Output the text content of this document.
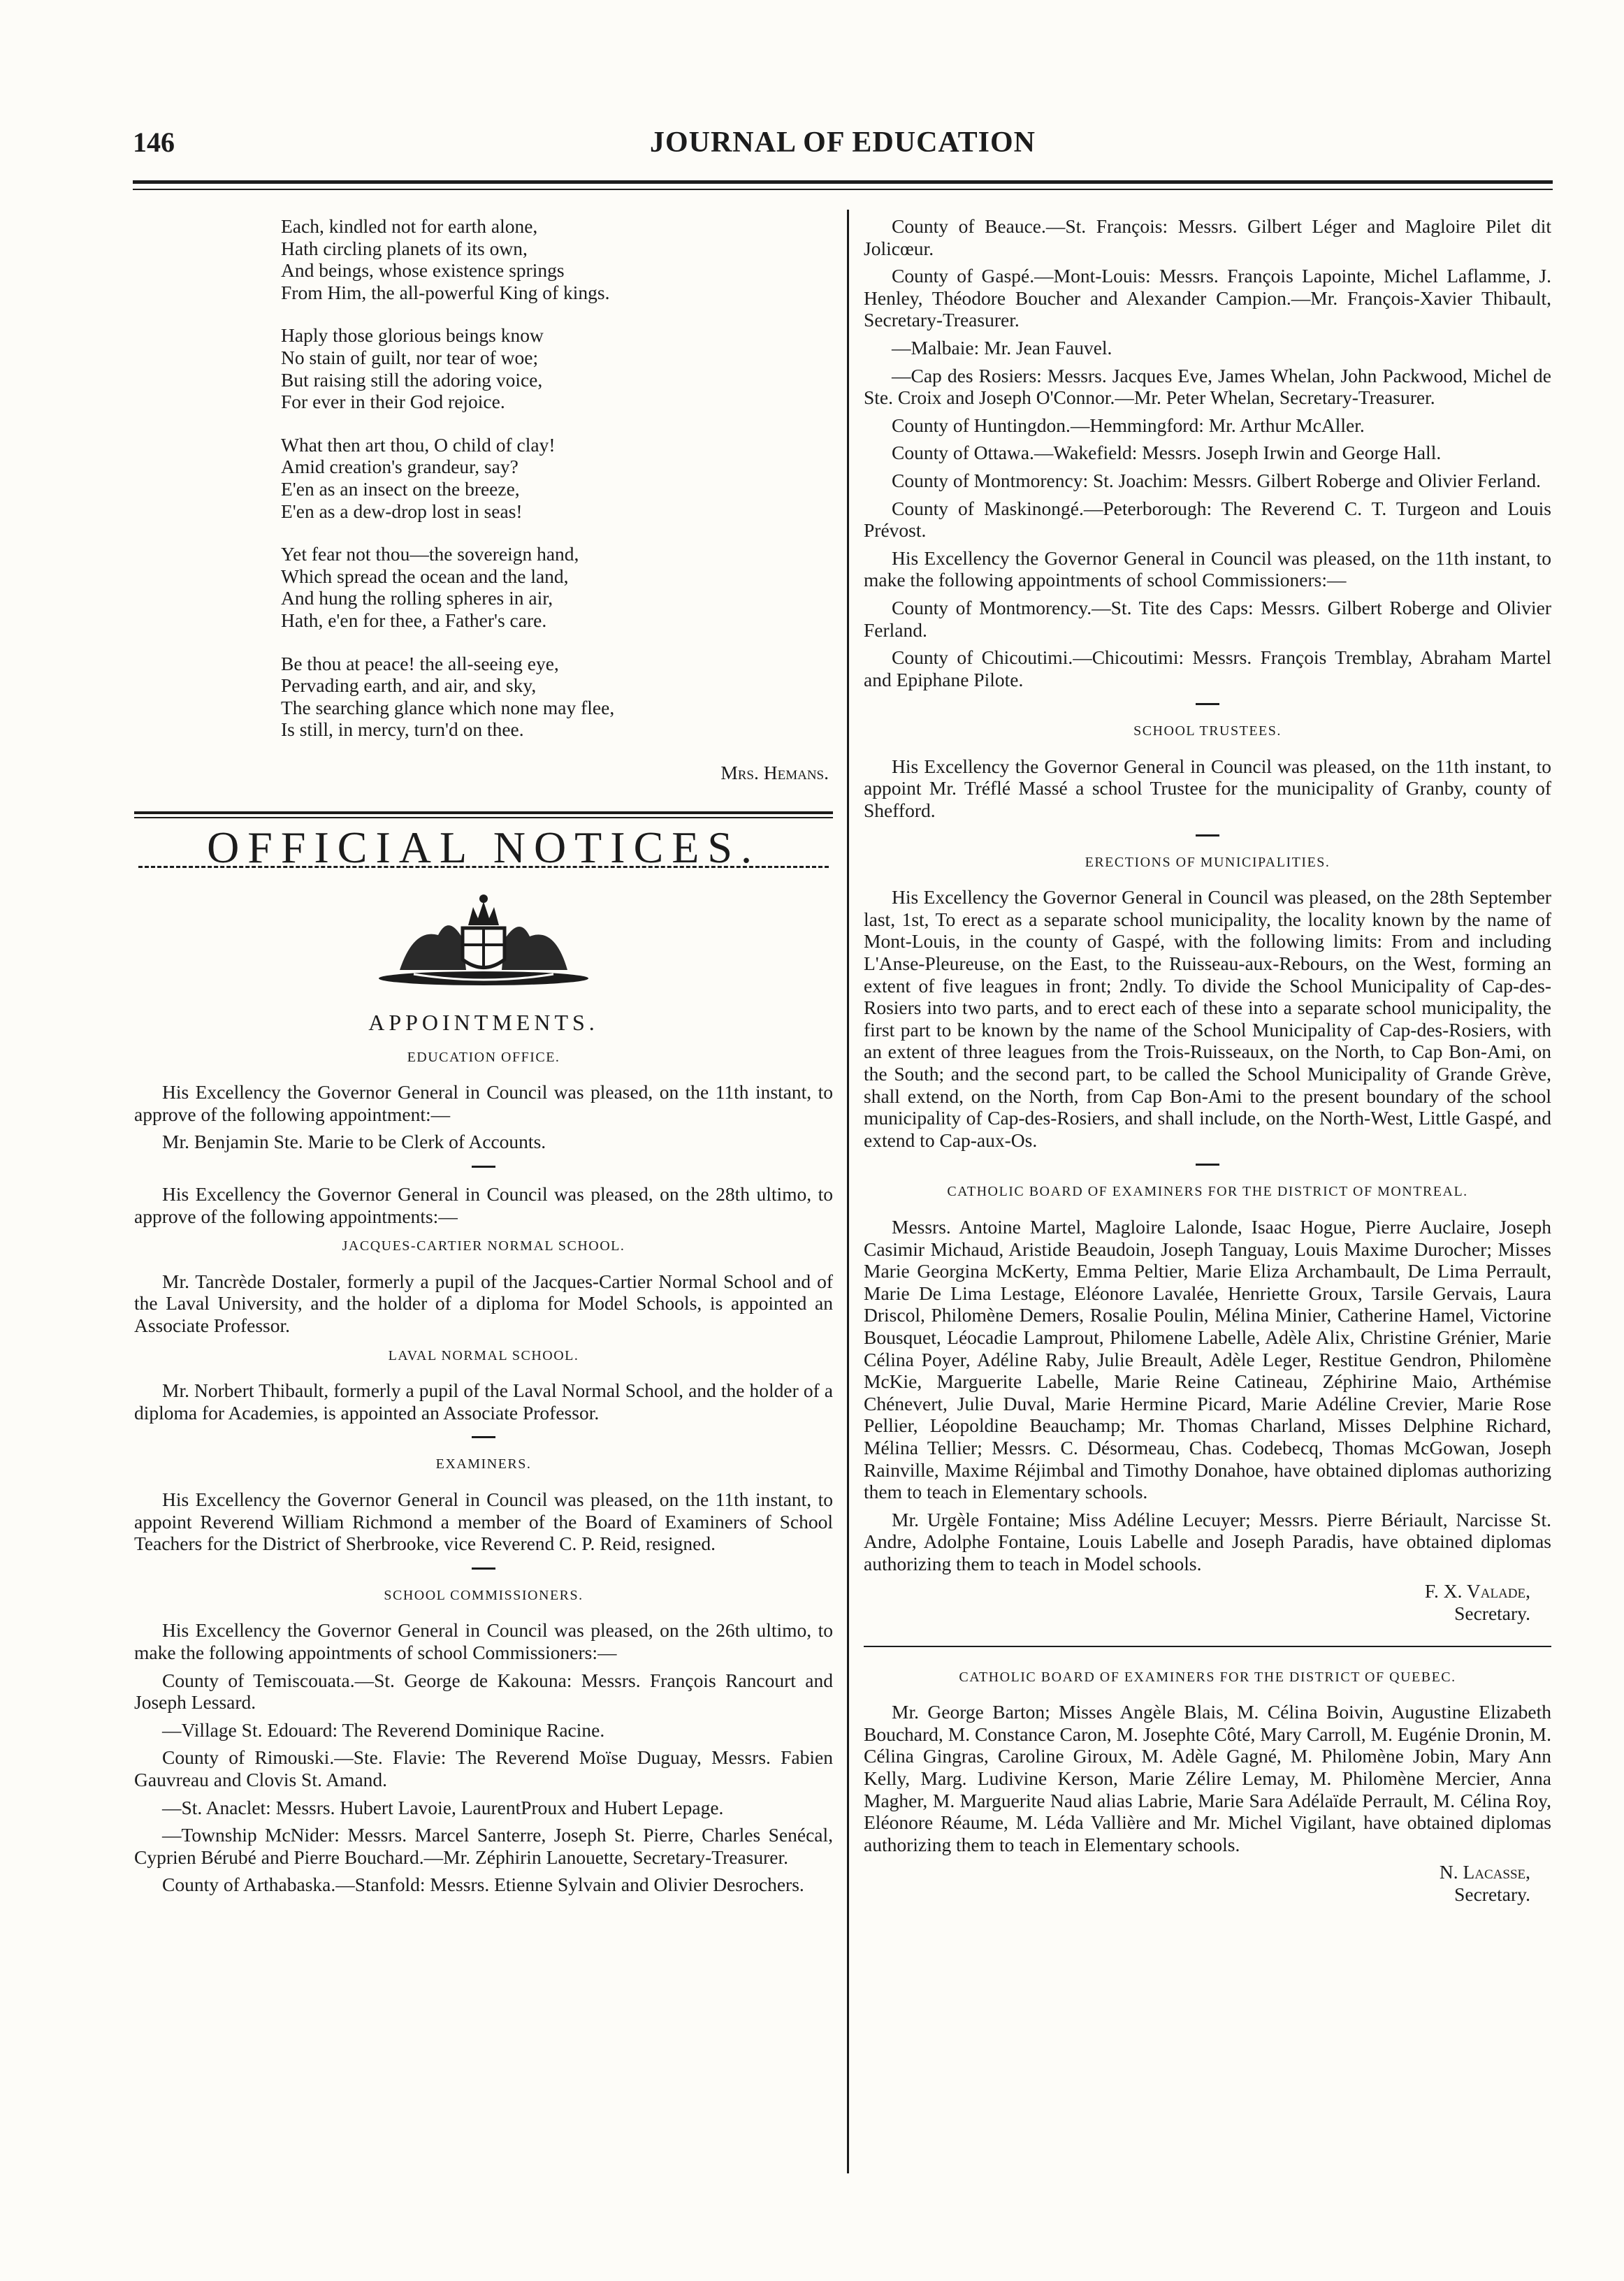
146	JOURNAL OF EDUCATION
Each, kindled not for earth alone,
Hath circling planets of its own,
And beings, whose existence springs
From Him, the all-powerful King of kings.
Haply those glorious beings know
No stain of guilt, nor tear of woe;
But raising still the adoring voice,
For ever in their God rejoice.
What then art thou, O child of clay!
Amid creation's grandeur, say?
E'en as an insect on the breeze,
E'en as a dew-drop lost in seas!
Yet fear not thou—the sovereign hand,
Which spread the ocean and the land,
And hung the rolling spheres in air,
Hath, e'en for thee, a Father's care.
Be thou at peace! the all-seeing eye,
Pervading earth, and air, and sky,
The searching glance which none may flee,
Is still, in mercy, turn'd on thee.
Mrs. Hemans.
OFFICIAL NOTICES.
APPOINTMENTS.
EDUCATION OFFICE.
His Excellency the Governor General in Council was pleased, on the 11th instant, to approve of the following appointment:—
Mr. Benjamin Ste. Marie to be Clerk of Accounts.
His Excellency the Governor General in Council was pleased, on the 28th ultimo, to approve of the following appointments:—
JACQUES-CARTIER NORMAL SCHOOL.
Mr. Tancrède Dostaler, formerly a pupil of the Jacques-Cartier Normal School and of the Laval University, and the holder of a diploma for Model Schools, is appointed an Associate Professor.
LAVAL NORMAL SCHOOL.
Mr. Norbert Thibault, formerly a pupil of the Laval Normal School, and the holder of a diploma for Academies, is appointed an Associate Professor.
EXAMINERS.
His Excellency the Governor General in Council was pleased, on the 11th instant, to appoint Reverend William Richmond a member of the Board of Examiners of School Teachers for the District of Sherbrooke, vice Reverend C. P. Reid, resigned.
SCHOOL COMMISSIONERS.
His Excellency the Governor General in Council was pleased, on the 26th ultimo, to make the following appointments of school Commissioners:—
County of Temiscouata.—St. George de Kakouna: Messrs. François Rancourt and Joseph Lessard.
—Village St. Edouard: The Reverend Dominique Racine.
County of Rimouski.—Ste. Flavie: The Reverend Moïse Duguay, Messrs. Fabien Gauvreau and Clovis St. Amand.
—St. Anaclet: Messrs. Hubert Lavoie, LaurentProux and Hubert Lepage.
—Township McNider: Messrs. Marcel Santerre, Joseph St. Pierre, Charles Senécal, Cyprien Bérubé and Pierre Bouchard.—Mr. Zéphirin Lanouette, Secretary-Treasurer.
County of Arthabaska.—Stanfold: Messrs. Etienne Sylvain and Olivier Desrochers.
County of Beauce.—St. François: Messrs. Gilbert Léger and Magloire Pilet dit Jolicœur.
County of Gaspé.—Mont-Louis: Messrs. François Lapointe, Michel Laflamme, J. Henley, Théodore Boucher and Alexander Campion.—Mr. François-Xavier Thibault, Secretary-Treasurer.
—Malbaie: Mr. Jean Fauvel.
—Cap des Rosiers: Messrs. Jacques Eve, James Whelan, John Packwood, Michel de Ste. Croix and Joseph O'Connor.—Mr. Peter Whelan, Secretary-Treasurer.
County of Huntingdon.—Hemmingford: Mr. Arthur McAller.
County of Ottawa.—Wakefield: Messrs. Joseph Irwin and George Hall.
County of Montmorency: St. Joachim: Messrs. Gilbert Roberge and Olivier Ferland.
County of Maskinongé.—Peterborough: The Reverend C. T. Turgeon and Louis Prévost.
His Excellency the Governor General in Council was pleased, on the 11th instant, to make the following appointments of school Commissioners:—
County of Montmorency.—St. Tite des Caps: Messrs. Gilbert Roberge and Olivier Ferland.
County of Chicoutimi.—Chicoutimi: Messrs. François Tremblay, Abraham Martel and Epiphane Pilote.
SCHOOL TRUSTEES.
His Excellency the Governor General in Council was pleased, on the 11th instant, to appoint Mr. Tréflé Massé a school Trustee for the municipality of Granby, county of Shefford.
ERECTIONS OF MUNICIPALITIES.
His Excellency the Governor General in Council was pleased, on the 28th September last, 1st, To erect as a separate school municipality, the locality known by the name of Mont-Louis, in the county of Gaspé, with the following limits: From and including L'Anse-Pleureuse, on the East, to the Ruisseau-aux-Rebours, on the West, forming an extent of five leagues in front; 2ndly. To divide the School Municipality of Cap-des-Rosiers into two parts, and to erect each of these into a separate school municipality, the first part to be known by the name of the School Municipality of Cap-des-Rosiers, with an extent of three leagues from the Trois-Ruisseaux, on the North, to Cap Bon-Ami, on the South; and the second part, to be called the School Municipality of Grande Grève, shall extend, on the North, from Cap Bon-Ami to the present boundary of the school municipality of Cap-des-Rosiers, and shall include, on the North-West, Little Gaspé, and extend to Cap-aux-Os.
CATHOLIC BOARD OF EXAMINERS FOR THE DISTRICT OF MONTREAL.
Messrs. Antoine Martel, Magloire Lalonde, Isaac Hogue, Pierre Auclaire, Joseph Casimir Michaud, Aristide Beaudoin, Joseph Tanguay, Louis Maxime Durocher; Misses Marie Georgina McKerty, Emma Peltier, Marie Eliza Archambault, De Lima Perrault, Marie De Lima Lestage, Eléonore Lavalée, Henriette Groux, Tarsile Gervais, Laura Driscol, Philomène Demers, Rosalie Poulin, Mélina Minier, Catherine Hamel, Victorine Bousquet, Léocadie Lamprout, Philomene Labelle, Adèle Alix, Christine Grénier, Marie Célina Poyer, Adéline Raby, Julie Breault, Adèle Leger, Restitue Gendron, Philomène McKie, Marguerite Labelle, Marie Reine Catineau, Zéphirine Maio, Arthémise Chénevert, Julie Duval, Marie Hermine Picard, Marie Adéline Crevier, Marie Rose Pellier, Léopoldine Beauchamp; Mr. Thomas Charland, Misses Delphine Richard, Mélina Tellier; Messrs. C. Désormeau, Chas. Codebecq, Thomas McGowan, Joseph Rainville, Maxime Réjimbal and Timothy Donahoe, have obtained diplomas authorizing them to teach in Elementary schools.
Mr. Urgèle Fontaine; Miss Adéline Lecuyer; Messrs. Pierre Bériault, Narcisse St. Andre, Adolphe Fontaine, Louis Labelle and Joseph Paradis, have obtained diplomas authorizing them to teach in Model schools.
F. X. Valade,
Secretary.
CATHOLIC BOARD OF EXAMINERS FOR THE DISTRICT OF QUEBEC.
Mr. George Barton; Misses Angèle Blais, M. Célina Boivin, Augustine Elizabeth Bouchard, M. Constance Caron, M. Josephte Côté, Mary Carroll, M. Eugénie Dronin, M. Célina Gingras, Caroline Giroux, M. Adèle Gagné, M. Philomène Jobin, Mary Ann Kelly, Marg. Ludivine Kerson, Marie Zélire Lemay, M. Philomène Mercier, Anna Magher, M. Marguerite Naud alias Labrie, Marie Sara Adélaïde Perrault, M. Célina Roy, Eléonore Réaume, M. Léda Vallière and Mr. Michel Vigilant, have obtained diplomas authorizing them to teach in Elementary schools.
N. Lacasse,
Secretary.
